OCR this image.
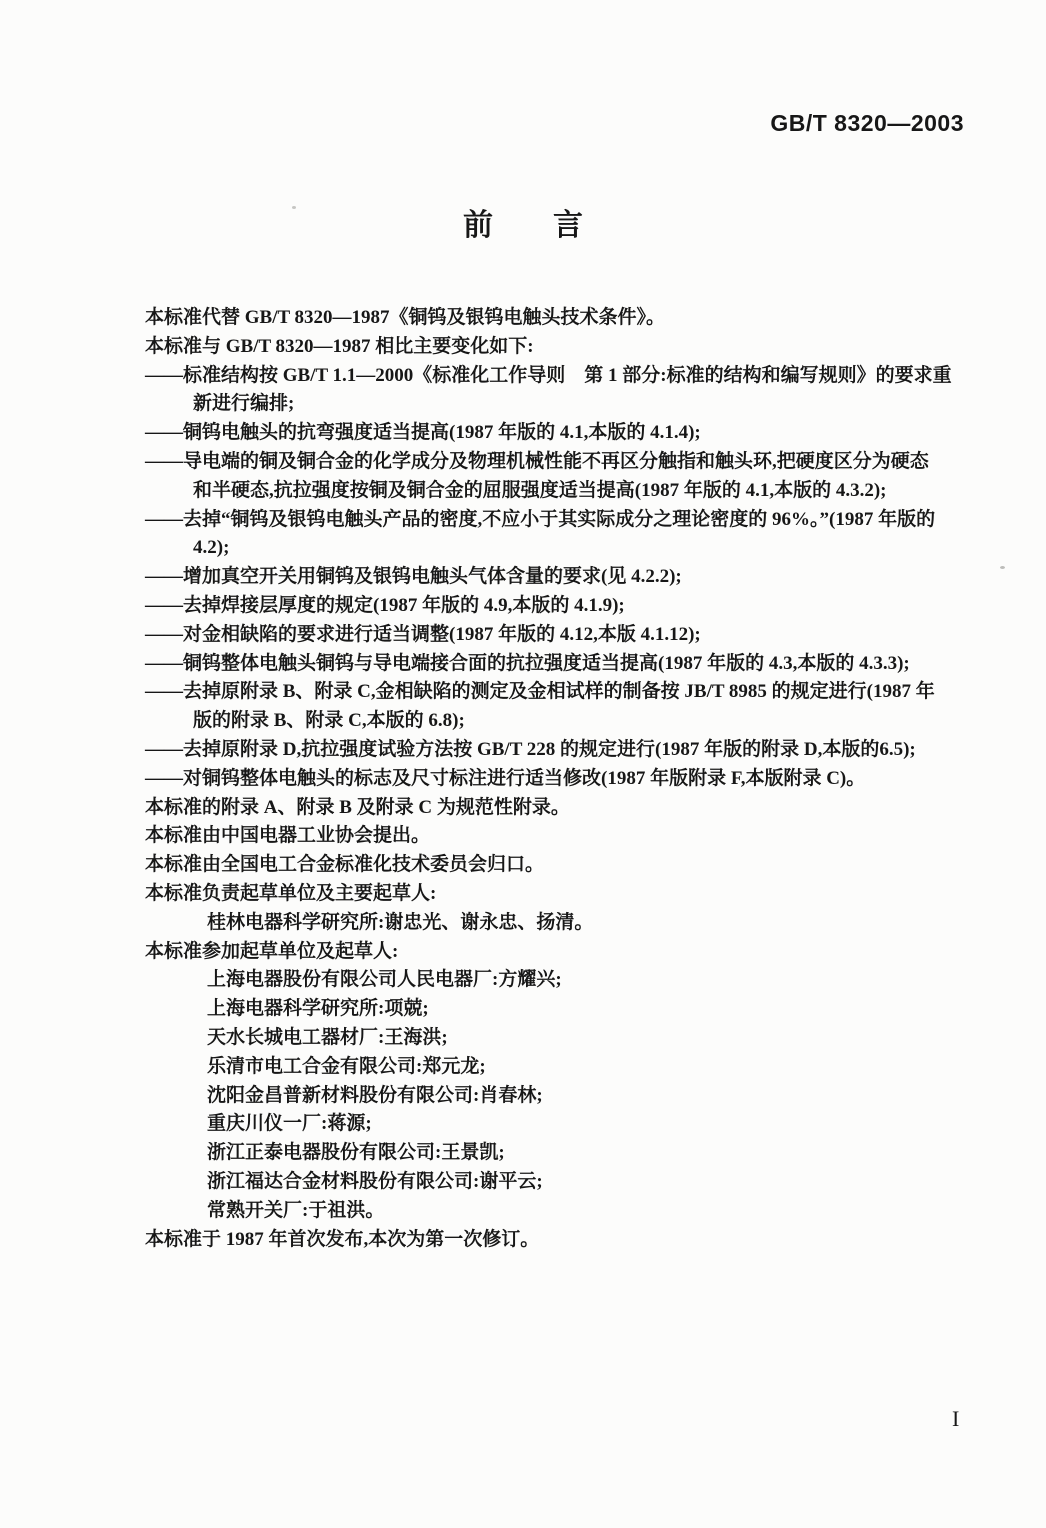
GB/T 8320—2003
前　　言
本标准代替 GB/T 8320—1987《铜钨及银钨电触头技术条件》。
本标准与 GB/T 8320—1987 相比主要变化如下:
——标准结构按 GB/T 1.1—2000《标准化工作导则　第 1 部分:标准的结构和编写规则》的要求重
新进行编排;
——铜钨电触头的抗弯强度适当提高(1987 年版的 4.1,本版的 4.1.4);
——导电端的铜及铜合金的化学成分及物理机械性能不再区分触指和触头环,把硬度区分为硬态
和半硬态,抗拉强度按铜及铜合金的屈服强度适当提高(1987 年版的 4.1,本版的 4.3.2);
——去掉“铜钨及银钨电触头产品的密度,不应小于其实际成分之理论密度的 96%。”(1987 年版的
4.2);
——增加真空开关用铜钨及银钨电触头气体含量的要求(见 4.2.2);
——去掉焊接层厚度的规定(1987 年版的 4.9,本版的 4.1.9);
——对金相缺陷的要求进行适当调整(1987 年版的 4.12,本版 4.1.12);
——铜钨整体电触头铜钨与导电端接合面的抗拉强度适当提高(1987 年版的 4.3,本版的 4.3.3);
——去掉原附录 B、附录 C,金相缺陷的测定及金相试样的制备按 JB/T 8985 的规定进行(1987 年
版的附录 B、附录 C,本版的 6.8);
——去掉原附录 D,抗拉强度试验方法按 GB/T 228 的规定进行(1987 年版的附录 D,本版的6.5);
——对铜钨整体电触头的标志及尺寸标注进行适当修改(1987 年版附录 F,本版附录 C)。
本标准的附录 A、附录 B 及附录 C 为规范性附录。
本标准由中国电器工业协会提出。
本标准由全国电工合金标准化技术委员会归口。
本标准负责起草单位及主要起草人:
桂林电器科学研究所:谢忠光、谢永忠、扬清。
本标准参加起草单位及起草人:
上海电器股份有限公司人民电器厂:方耀兴;
上海电器科学研究所:项兢;
天水长城电工器材厂:王海洪;
乐清市电工合金有限公司:郑元龙;
沈阳金昌普新材料股份有限公司:肖春林;
重庆川仪一厂:蒋源;
浙江正泰电器股份有限公司:王景凯;
浙江福达合金材料股份有限公司:谢平云;
常熟开关厂:于祖洪。
本标准于 1987 年首次发布,本次为第一次修订。
I
